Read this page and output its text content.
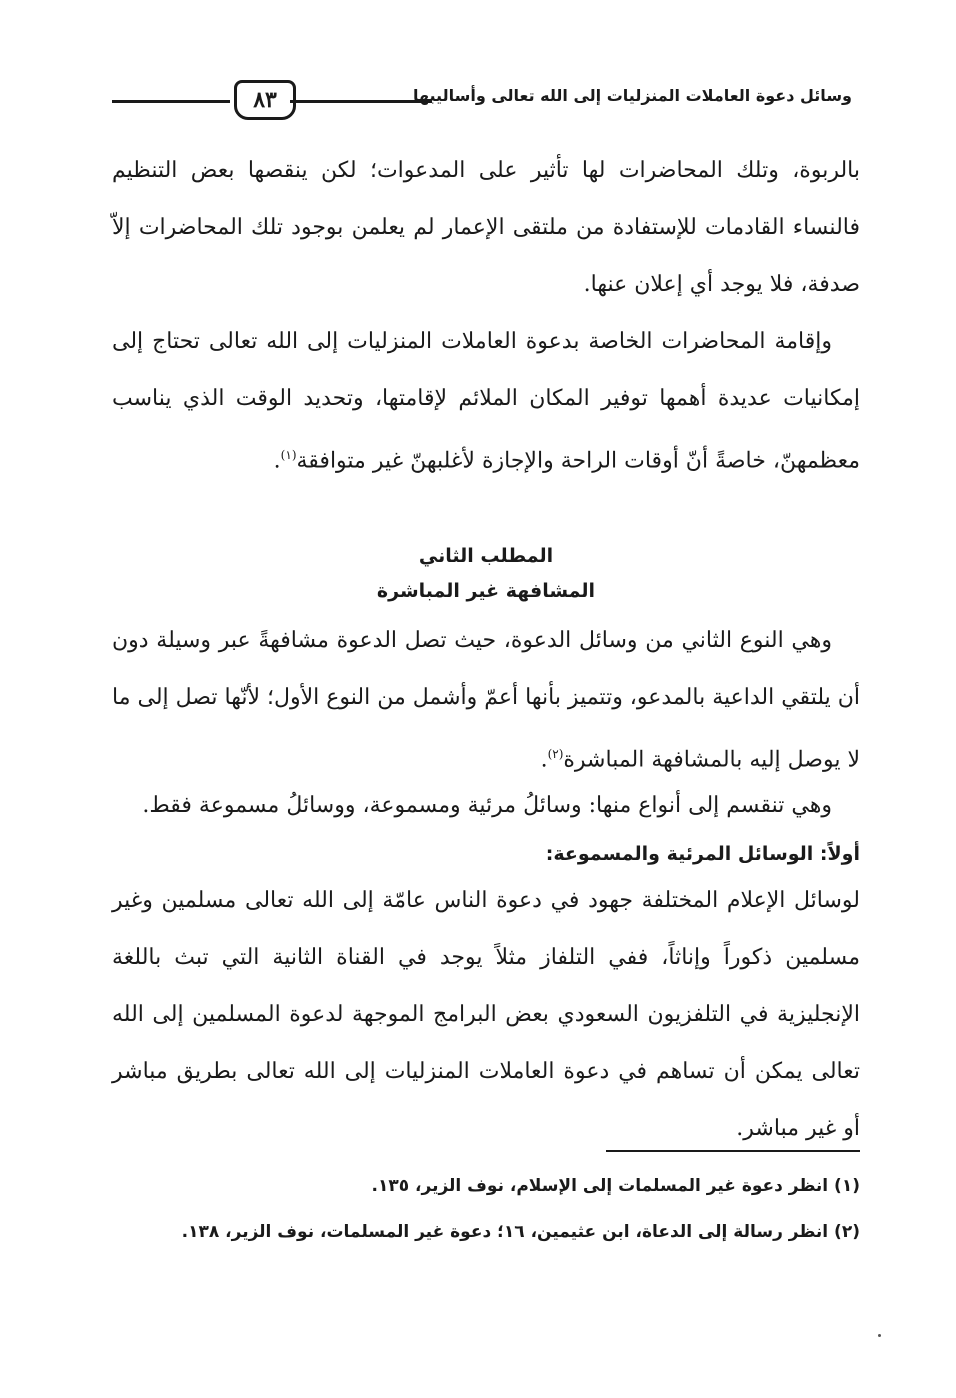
وسائل دعوة العاملات المنزليات إلى الله تعالى وأساليبها
٨٣

بالربوة، وتلك المحاضرات لها تأثير على المدعوات؛ لكن ينقصها بعض التنظيم فالنساء القادمات للإستفادة من ملتقى الإعمار لم يعلمن بوجود تلك المحاضرات إلاّ صدفة، فلا يوجد أي إعلان عنها.

وإقامة المحاضرات الخاصة بدعوة العاملات المنزليات إلى الله تعالى تحتاج إلى إمكانيات عديدة أهمها توفير المكان الملائم لإقامتها، وتحديد الوقت الذي يناسب معظمهنّ، خاصةً أنّ أوقات الراحة والإجازة لأغلبهنّ غير متوافقة$^{(١)}$.

المطلب الثاني
المشافهة غير المباشرة

وهي النوع الثاني من وسائل الدعوة، حيث تصل الدعوة مشافهةً عبر وسيلة دون أن يلتقي الداعية بالمدعو، وتتميز بأنها أعمّ وأشمل من النوع الأول؛ لأنّها تصل إلى ما لا يوصل إليه بالمشافهة المباشرة$^{(٢)}$.

وهي تنقسم إلى أنواع منها: وسائلُ مرئية ومسموعة، ووسائلُ مسموعة فقط.

أولاً: الوسائل المرئية والمسموعة:

لوسائل الإعلام المختلفة جهود في دعوة الناس عامّة إلى الله تعالى مسلمين وغير مسلمين ذكوراً وإناثاً، ففي التلفاز مثلاً يوجد في القناة الثانية التي تبث باللغة الإنجليزية في التلفزيون السعودي بعض البرامج الموجهة لدعوة المسلمين إلى الله تعالى يمكن أن تساهم في دعوة العاملات المنزليات إلى الله تعالى بطريق مباشر أو غير مباشر.

(١) انظر دعوة غير المسلمات إلى الإسلام، نوف الزير، ١٣٥.

(٢) انظر رسالة إلى الدعاة، ابن عثيمين، ١٦؛ دعوة غير المسلمات، نوف الزير، ١٣٨.
